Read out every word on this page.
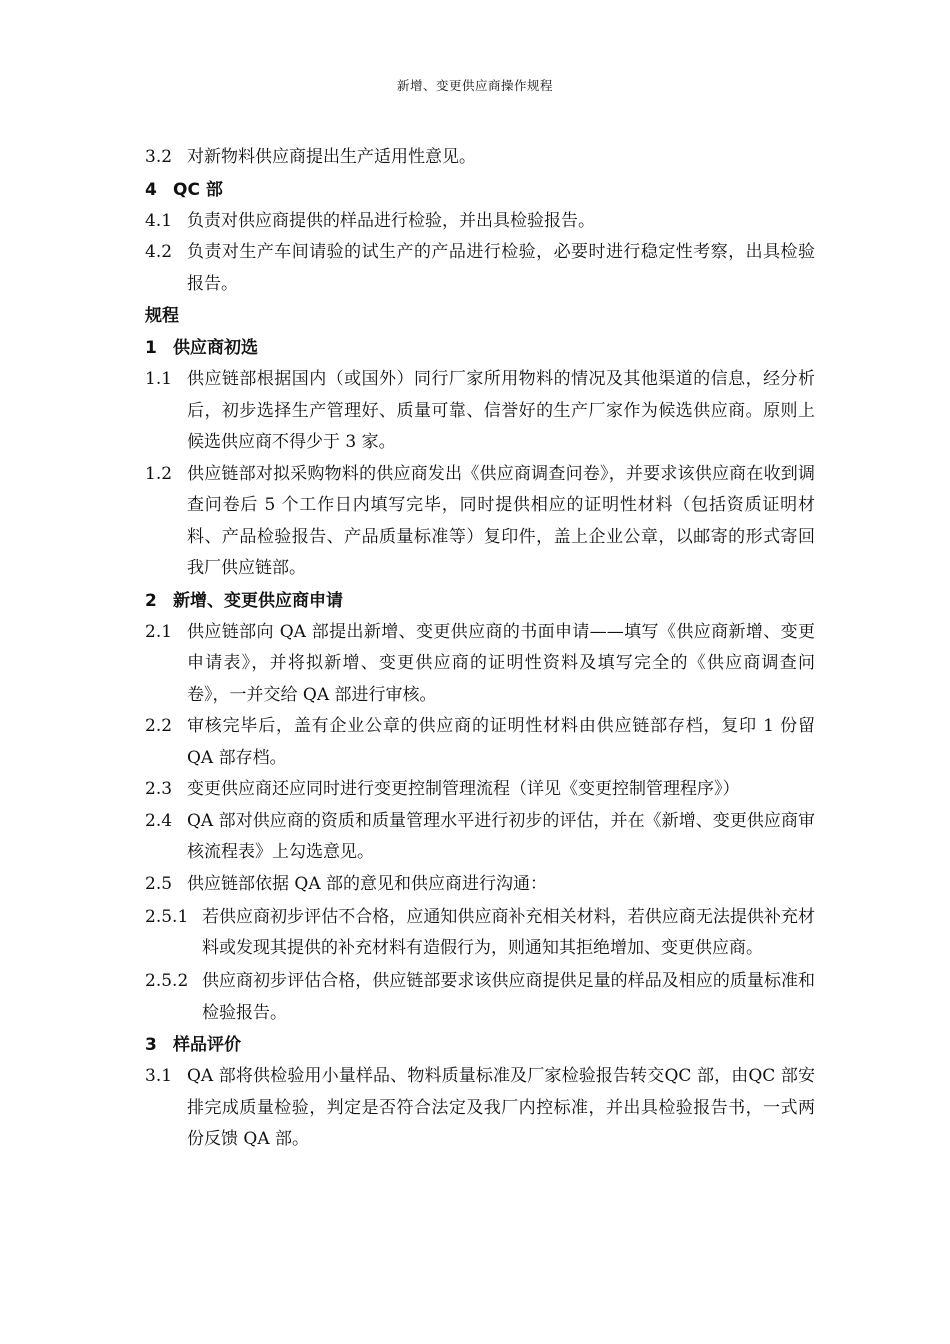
新增、变更供应商操作规程
3.2 对新物料供应商提出生产适用性意见。
4 QC 部
4.1 负责对供应商提供的样品进行检验，并出具检验报告。
4.2 负责对生产车间请验的试生产的产品进行检验，必要时进行稳定性考察，出具检验报告。
规程
1 供应商初选
1.1 供应链部根据国内（或国外）同行厂家所用物料的情况及其他渠道的信息，经分析后，初步选择生产管理好、质量可靠、信誉好的生产厂家作为候选供应商。原则上候选供应商不得少于 3 家。
1.2 供应链部对拟采购物料的供应商发出《供应商调查问卷》，并要求该供应商在收到调查问卷后 5 个工作日内填写完毕，同时提供相应的证明性材料（包括资质证明材料、产品检验报告、产品质量标准等）复印件，盖上企业公章，以邮寄的形式寄回我厂供应链部。
2 新增、变更供应商申请
2.1 供应链部向 QA 部提出新增、变更供应商的书面申请——填写《供应商新增、变更申请表》，并将拟新增、变更供应商的证明性资料及填写完全的《供应商调查问卷》，一并交给 QA 部进行审核。
2.2 审核完毕后，盖有企业公章的供应商的证明性材料由供应链部存档，复印 1 份留 QA 部存档。
2.3 变更供应商还应同时进行变更控制管理流程（详见《变更控制管理程序》）
2.4 QA 部对供应商的资质和质量管理水平进行初步的评估，并在《新增、变更供应商审核流程表》上勾选意见。
2.5 供应链部依据 QA 部的意见和供应商进行沟通：
2.5.1 若供应商初步评估不合格，应通知供应商补充相关材料，若供应商无法提供补充材料或发现其提供的补充材料有造假行为，则通知其拒绝增加、变更供应商。
2.5.2 供应商初步评估合格，供应链部要求该供应商提供足量的样品及相应的质量标准和检验报告。
3 样品评价
3.1 QA 部将供检验用小量样品、物料质量标准及厂家检验报告转交QC 部，由QC 部安排完成质量检验，判定是否符合法定及我厂内控标准，并出具检验报告书，一式两份反馈 QA 部。
